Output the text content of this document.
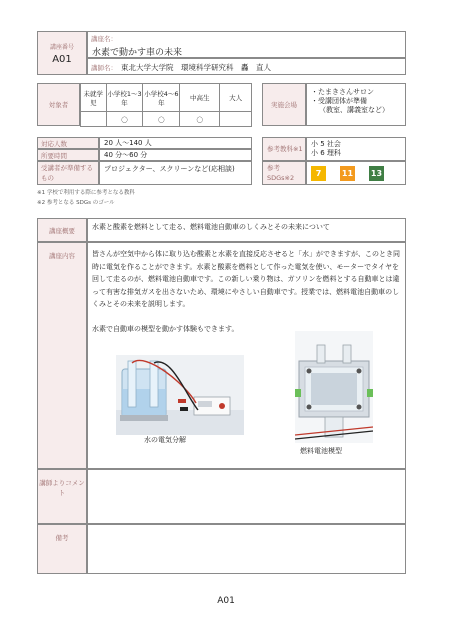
講座番号
A01
講座名：
水素で動かす車の未来
講師名： 東北大学大学院　環境科学研究科　轟　直人
対象者
未就学児	小学校1～3年	小学校4～6年	中高生	大人
	〇	〇	〇	
実施会場
・たまきさんサロン
・受講団体が準備
（教室、講義室など）
対応人数	20 人～140 人
所要時間	40 分～60 分
受講者が準備するもの
プロジェクター、スクリーンなど(応相談)
参考教科※1
小 5 社会
小 6 理科
参考SDGs※2	7	11 13
※1 学校で利用する際に参考となる教科
※2 参考となる SDGs のゴール
講座概要	水素と酸素を燃料として走る、燃料電池自動車のしくみとその未来について
講座内容	皆さんが空気中から体に取り込む酸素と水素を直接反応させると「水」ができますが、このとき同時に電気を作ることができます。水素と酸素を燃料として作った電気を使い、モーターでタイヤを回して走るのが、燃料電池自動車です。この新しい乗り物は、ガソリンを燃料とする自動車とは違って有害な排気ガスを出さないため、環境にやさしい自動車です。授業では、燃料電池自動車のしくみとその未来を説明します。
水素で自動車の模型を動かす体験もできます。
水の電気分解
燃料電池模型
講師よりコメント
備考
A01
